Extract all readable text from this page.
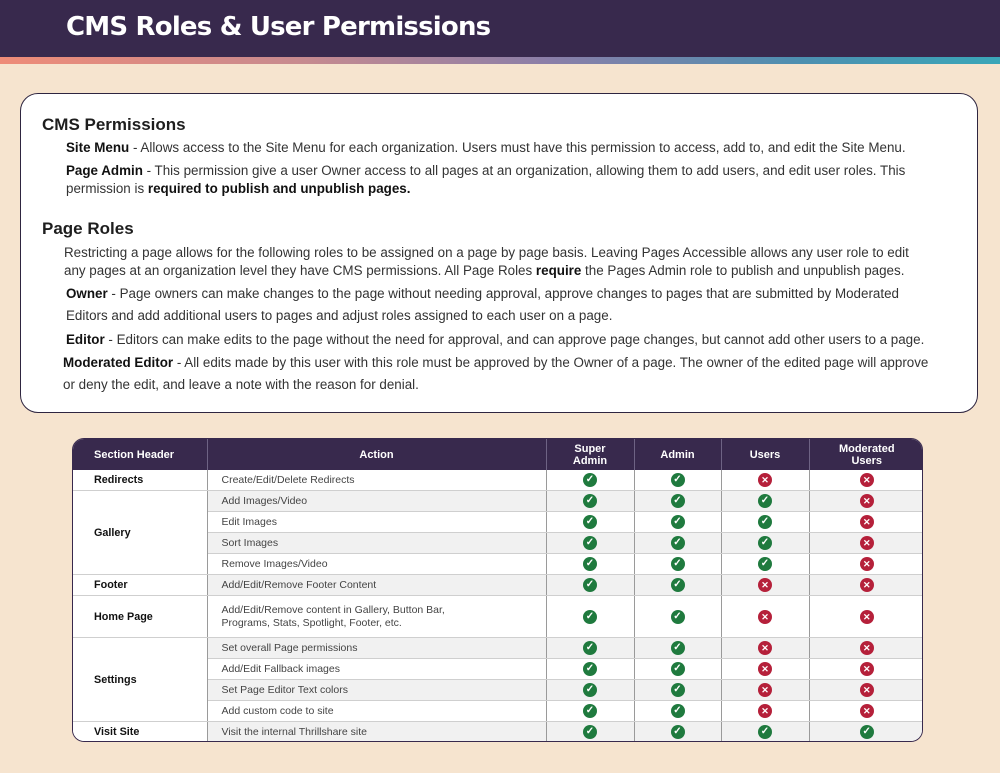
CMS Roles & User Permissions
CMS Permissions
Site Menu - Allows access to the Site Menu for each organization. Users must have this permission to access, add to, and edit the Site Menu.
Page Admin - This permission give a user Owner access to all pages at an organization, allowing them to add users, and edit user roles. This
permission is required to publish and unpublish pages.
Page Roles
Restricting a page allows for the following roles to be assigned on a page by page basis. Leaving Pages Accessible allows any user role to edit
any pages at an organization level they have CMS permissions. All Page Roles require the Pages Admin role to publish and unpublish pages.
Owner - Page owners can make changes to the page without needing approval, approve changes to pages that are submitted by Moderated
Editors and add additional users to pages and adjust roles assigned to each user on a page.
Editor - Editors can make edits to the page without the need for approval, and can approve page changes, but cannot add other users to a page.
Moderated Editor - All edits made by this user with this role must be approved by the Owner of a page. The owner of the edited page will approve
or deny the edit, and leave a note with the reason for denial.
Section Header	Action	Super Admin	Admin	Users	Moderated Users
Redirects	Create/Edit/Delete Redirects	✓	✓	✕	✕
Gallery	Add Images/Video	✓	✓	✓	✕
	Edit Images	✓	✓	✓	✕
	Sort Images	✓	✓	✓	✕
	Remove Images/Video	✓	✓	✓	✕
Footer	Add/Edit/Remove Footer Content	✓	✓	✕	✕
Home Page	Add/Edit/Remove content in Gallery, Button Bar,
Programs, Stats, Spotlight, Footer, etc.	✓	✓	✕	✕
Settings	Set overall Page permissions	✓	✓	✕	✕
	Add/Edit Fallback images	✓	✓	✕	✕
	Set Page Editor Text colors	✓	✓	✕	✕
	Add custom code to site	✓	✓	✕	✕
Visit Site	Visit the internal Thrillshare site	✓	✓	✓	✓
